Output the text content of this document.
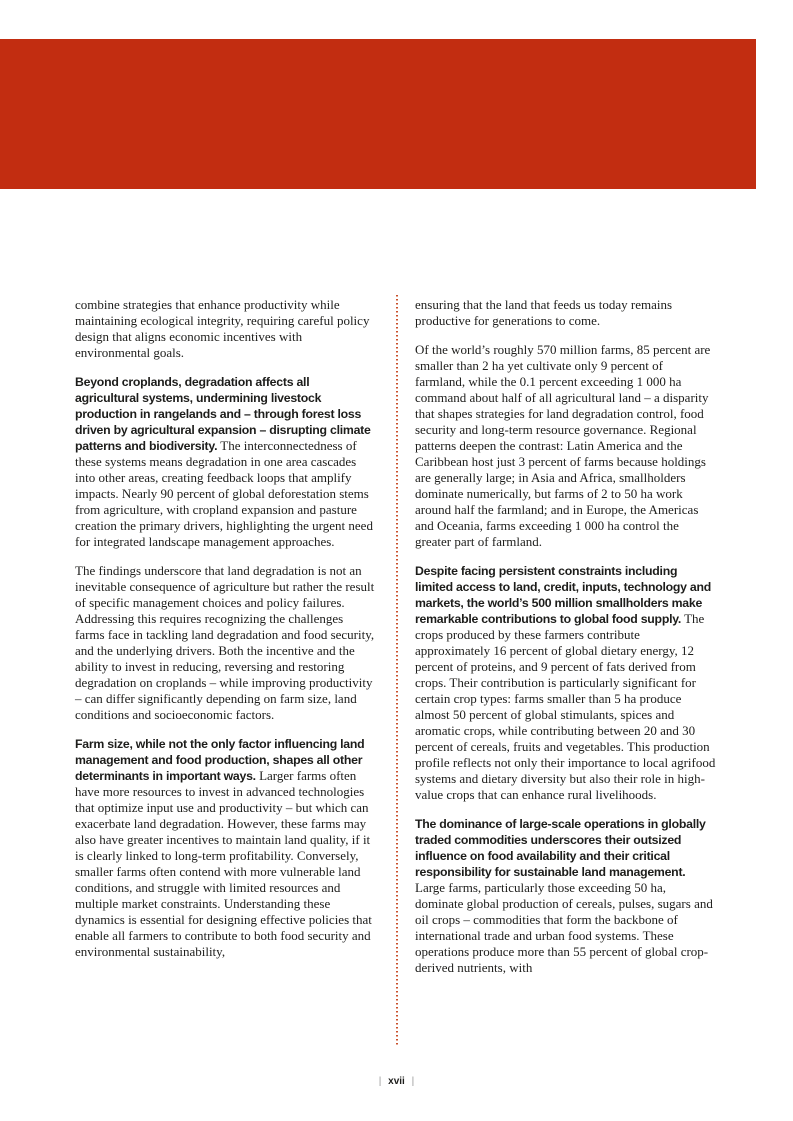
combine strategies that enhance productivity while maintaining ecological integrity, requiring careful policy design that aligns economic incentives with environmental goals.

Beyond croplands, degradation affects all agricultural systems, undermining livestock production in rangelands and – through forest loss driven by agricultural expansion – disrupting climate patterns and biodiversity. The interconnectedness of these systems means degradation in one area cascades into other areas, creating feedback loops that amplify impacts. Nearly 90 percent of global deforestation stems from agriculture, with cropland expansion and pasture creation the primary drivers, highlighting the urgent need for integrated landscape management approaches.

The findings underscore that land degradation is not an inevitable consequence of agriculture but rather the result of specific management choices and policy failures. Addressing this requires recognizing the challenges farms face in tackling land degradation and food security, and the underlying drivers. Both the incentive and the ability to invest in reducing, reversing and restoring degradation on croplands – while improving productivity – can differ significantly depending on farm size, land conditions and socioeconomic factors.

Farm size, while not the only factor influencing land management and food production, shapes all other determinants in important ways. Larger farms often have more resources to invest in advanced technologies that optimize input use and productivity – but which can exacerbate land degradation. However, these farms may also have greater incentives to maintain land quality, if it is clearly linked to long-term profitability. Conversely, smaller farms often contend with more vulnerable land conditions, and struggle with limited resources and multiple market constraints. Understanding these dynamics is essential for designing effective policies that enable all farmers to contribute to both food security and environmental sustainability,

ensuring that the land that feeds us today remains productive for generations to come.

Of the world’s roughly 570 million farms, 85 percent are smaller than 2 ha yet cultivate only 9 percent of farmland, while the 0.1 percent exceeding 1 000 ha command about half of all agricultural land – a disparity that shapes strategies for land degradation control, food security and long-term resource governance. Regional patterns deepen the contrast: Latin America and the Caribbean host just 3 percent of farms because holdings are generally large; in Asia and Africa, smallholders dominate numerically, but farms of 2 to 50 ha work around half the farmland; and in Europe, the Americas and Oceania, farms exceeding 1 000 ha control the greater part of farmland.

Despite facing persistent constraints including limited access to land, credit, inputs, technology and markets, the world’s 500 million smallholders make remarkable contributions to global food supply. The crops produced by these farmers contribute approximately 16 percent of global dietary energy, 12 percent of proteins, and 9 percent of fats derived from crops. Their contribution is particularly significant for certain crop types: farms smaller than 5 ha produce almost 50 percent of global stimulants, spices and aromatic crops, while contributing between 20 and 30 percent of cereals, fruits and vegetables. This production profile reflects not only their importance to local agrifood systems and dietary diversity but also their role in high-value crops that can enhance rural livelihoods.

The dominance of large-scale operations in globally traded commodities underscores their outsized influence on food availability and their critical responsibility for sustainable land management. Large farms, particularly those exceeding 50 ha, dominate global production of cereals, pulses, sugars and oil crops – commodities that form the backbone of international trade and urban food systems. These operations produce more than 55 percent of global crop-derived nutrients, with

| xvii |
